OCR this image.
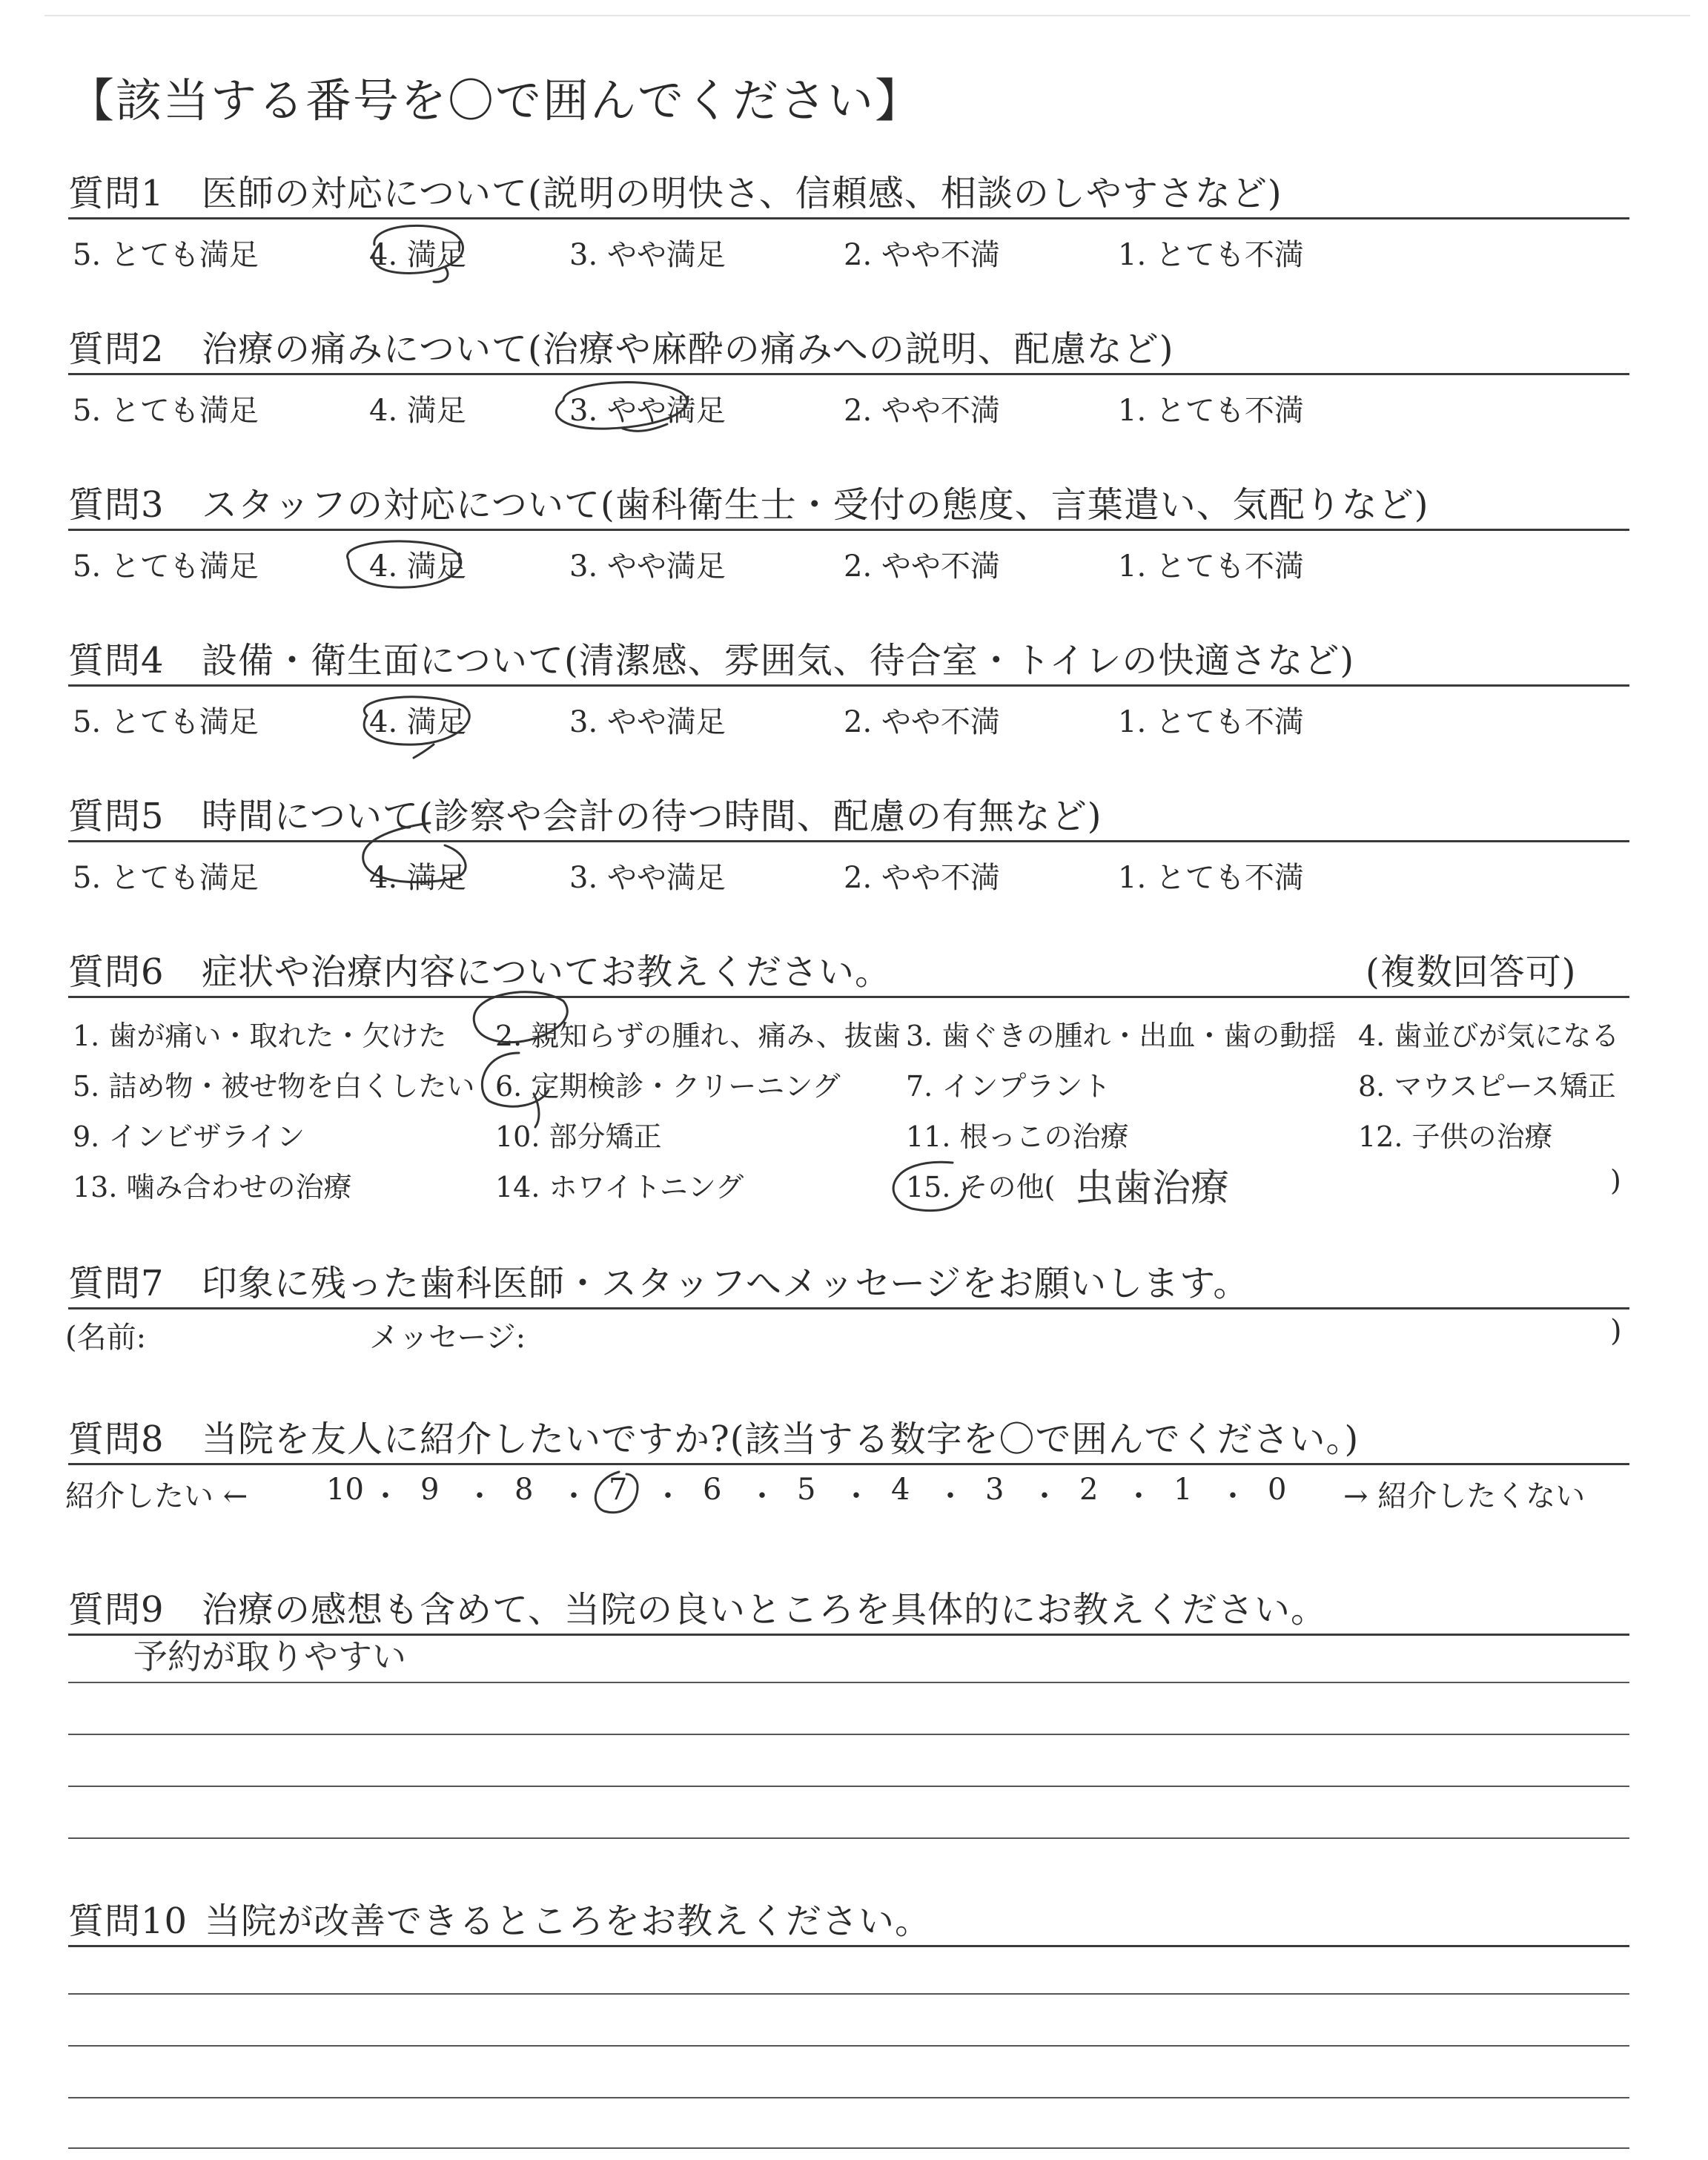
【該当する番号を〇で囲んでください】
質問1 医師の対応について(説明の明快さ、信頼感、相談のしやすさなど)
5. とても満足	4. 満足	3. やや満足	2. やや不満	1. とても不満
質問2 治療の痛みについて(治療や麻酔の痛みへの説明、配慮など)
5. とても満足	4. 満足	3. やや満足	2. やや不満	1. とても不満
質問3 スタッフの対応について(歯科衛生士・受付の態度、言葉遣い、気配りなど)
5. とても満足	4. 満足	3. やや満足	2. やや不満	1. とても不満
質問4 設備・衛生面について(清潔感、雰囲気、待合室・トイレの快適さなど)
5. とても満足	4. 満足	3. やや満足	2. やや不満	1. とても不満
質問5 時間について(診察や会計の待つ時間、配慮の有無など)
5. とても満足	4. 満足	3. やや満足	2. やや不満	1. とても不満
質問6 症状や治療内容についてお教えください。	(複数回答可)
1. 歯が痛い・取れた・欠けた 2. 親知らずの腫れ、痛み、抜歯 3. 歯ぐきの腫れ・出血・歯の動揺 4. 歯並びが気になる
5. 詰め物・被せ物を白くしたい 6. 定期検診・クリーニング 7. インプラント	8. マウスピース矯正
9. インビザライン	10. 部分矯正	11. 根っこの治療	12. 子供の治療
13. 噛み合わせの治療	14. ホワイトニング	15. その他( 虫歯治療	)
質問7 印象に残った歯科医師・スタッフへメッセージをお願いします。
(名前:	メッセージ:	)
質問8 当院を友人に紹介したいですか?(該当する数字を〇で囲んでください。)
紹介したい ←	→ 紹介したくない
10 ・ 9 ・ 8 ・ 7 ・ 6 ・ 5 ・ 4 ・ 3 ・ 2 ・ 1 ・ 0
質問9 治療の感想も含めて、当院の良いところを具体的にお教えください。
予約が取りやすい
質問10 当院が改善できるところをお教えください。
